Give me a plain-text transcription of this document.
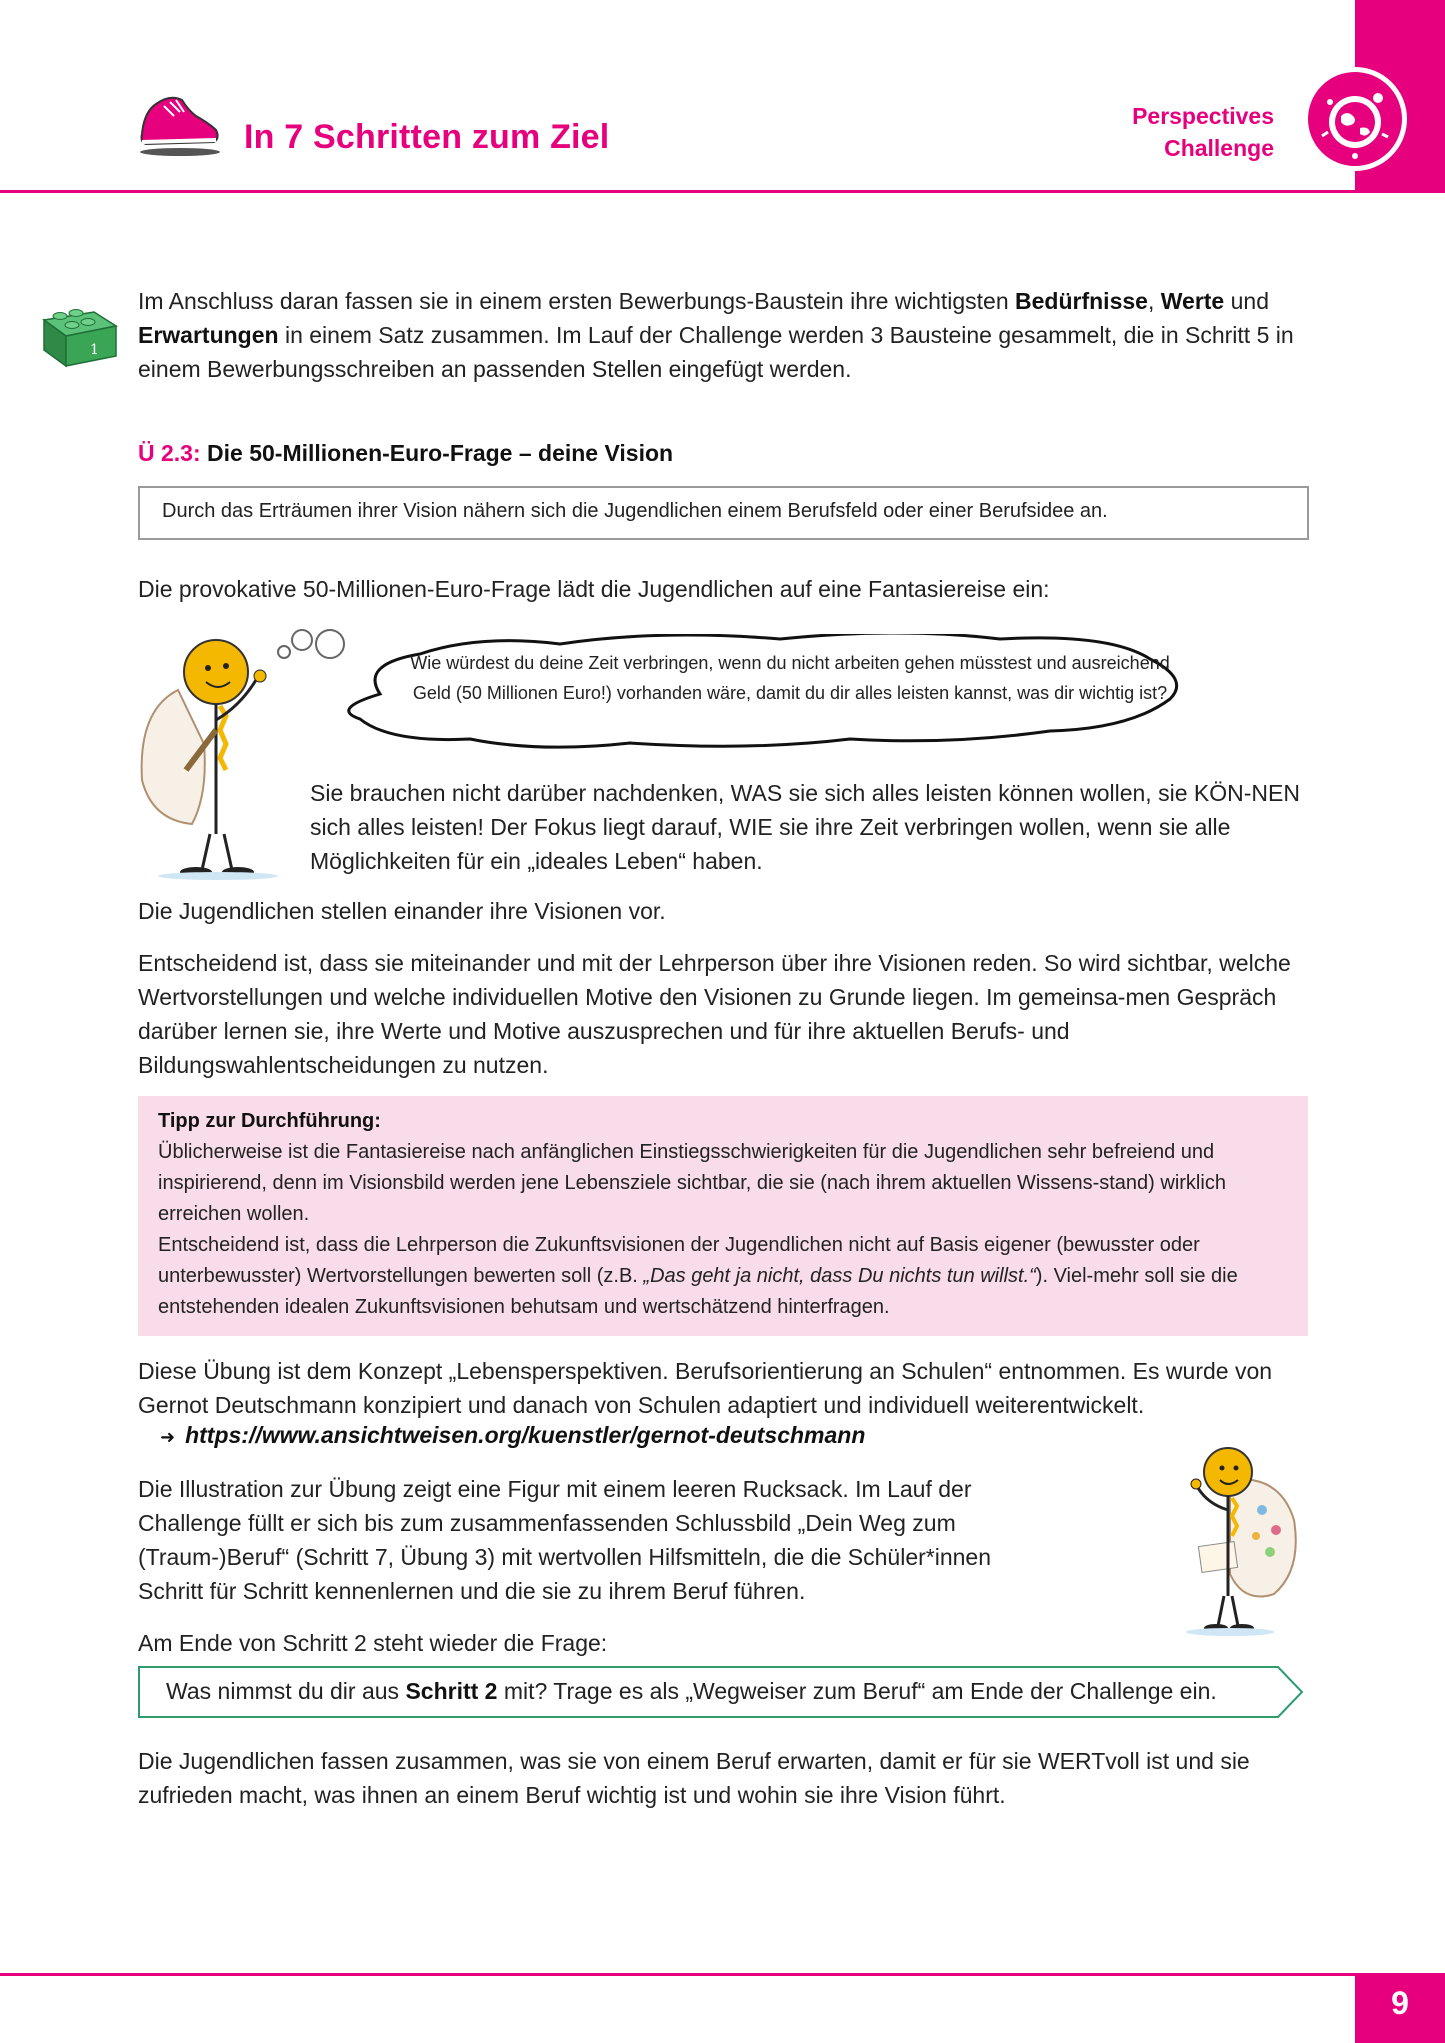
In 7 Schritten zum Ziel
Perspectives
Challenge
1
Im Anschluss daran fassen sie in einem ersten Bewerbungs-Baustein ihre wichtigsten Bedürfnisse, Werte und Erwartungen in einem Satz zusammen. Im Lauf der Challenge werden 3 Bausteine gesammelt, die in Schritt 5 in einem Bewerbungsschreiben an passenden Stellen eingefügt werden.
Ü 2.3: Die 50-Millionen-Euro-Frage – deine Vision
Durch das Erträumen ihrer Vision nähern sich die Jugendlichen einem Berufsfeld oder einer Berufsidee an.
Die provokative 50-Millionen-Euro-Frage lädt die Jugendlichen auf eine Fantasiereise ein:
Wie würdest du deine Zeit verbringen, wenn du nicht arbeiten gehen müsstest und ausreichend Geld (50 Millionen Euro!) vorhanden wäre, damit du dir alles leisten kannst, was dir wichtig ist?
Sie brauchen nicht darüber nachdenken, WAS sie sich alles leisten können wollen, sie KÖN-NEN sich alles leisten! Der Fokus liegt darauf, WIE sie ihre Zeit verbringen wollen, wenn sie alle Möglichkeiten für ein „ideales Leben“ haben.
Die Jugendlichen stellen einander ihre Visionen vor.
Entscheidend ist, dass sie miteinander und mit der Lehrperson über ihre Visionen reden. So wird sichtbar, welche Wertvorstellungen und welche individuellen Motive den Visionen zu Grunde liegen. Im gemeinsa-men Gespräch darüber lernen sie, ihre Werte und Motive auszusprechen und für ihre aktuellen Berufs- und Bildungswahlentscheidungen zu nutzen.
Tipp zur Durchführung:
Üblicherweise ist die Fantasiereise nach anfänglichen Einstiegsschwierigkeiten für die Jugendlichen sehr befreiend und inspirierend, denn im Visionsbild werden jene Lebensziele sichtbar, die sie (nach ihrem aktuellen Wissens-stand) wirklich erreichen wollen.
Entscheidend ist, dass die Lehrperson die Zukunftsvisionen der Jugendlichen nicht auf Basis eigener (bewusster oder unterbewusster) Wertvorstellungen bewerten soll (z.B. „Das geht ja nicht, dass Du nichts tun willst.“). Viel-mehr soll sie die entstehenden idealen Zukunftsvisionen behutsam und wertschätzend hinterfragen.
Diese Übung ist dem Konzept „Lebensperspektiven. Berufsorientierung an Schulen“ entnommen. Es wurde von Gernot Deutschmann konzipiert und danach von Schulen adaptiert und individuell weiterentwickelt.
➜ https://www.ansichtweisen.org/kuenstler/gernot-deutschmann
Die Illustration zur Übung zeigt eine Figur mit einem leeren Rucksack. Im Lauf der Challenge füllt er sich bis zum zusammenfassenden Schlussbild „Dein Weg zum (Traum-)Beruf“ (Schritt 7, Übung 3) mit wertvollen Hilfsmitteln, die die Schüler*innen Schritt für Schritt kennenlernen und die sie zu ihrem Beruf führen.
Am Ende von Schritt 2 steht wieder die Frage:
Was nimmst du dir aus Schritt 2 mit? Trage es als „Wegweiser zum Beruf“ am Ende der Challenge ein.
Die Jugendlichen fassen zusammen, was sie von einem Beruf erwarten, damit er für sie WERTvoll ist und sie zufrieden macht, was ihnen an einem Beruf wichtig ist und wohin sie ihre Vision führt.
9
